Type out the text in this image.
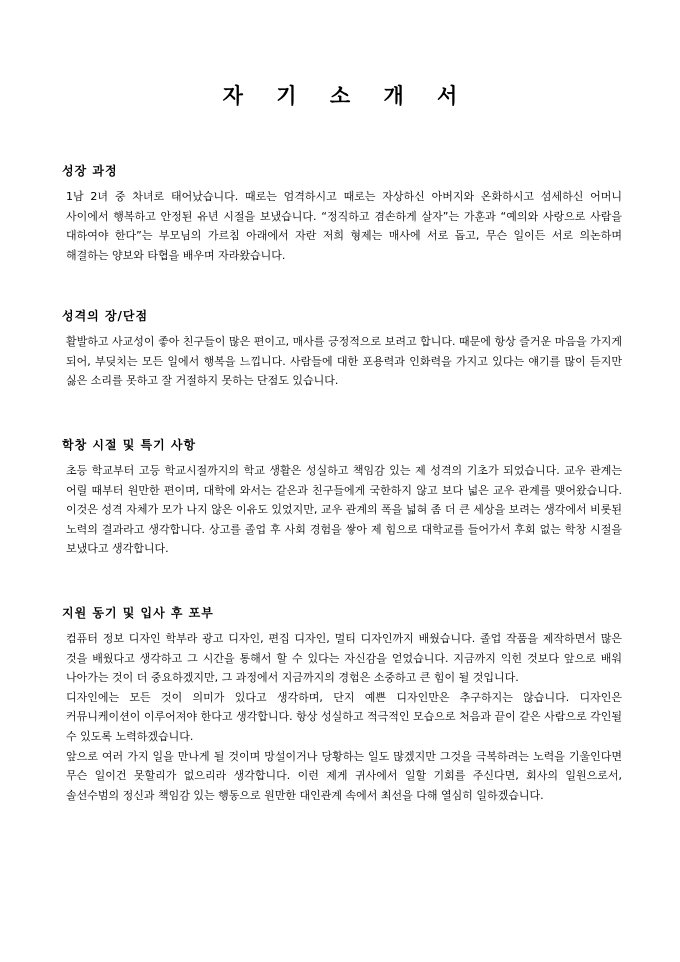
자 기 소 개 서
성장 과정

1남 2녀 중 차녀로 태어났습니다. 때로는 엄격하시고 때로는 자상하신 아버지와 온화하시고 섬세하신 어머니 사이에서 행복하고 안정된 유년 시절을 보냈습니다. “정직하고 겸손하게 살자”는 가훈과 “예의와 사랑으로 사람을 대하여야 한다”는 부모님의 가르침 아래에서 자란 저희 형제는 매사에 서로 돕고, 무슨 일이든 서로 의논하며 해결하는 양보와 타협을 배우며 자라왔습니다.

성격의 장/단점

활발하고 사교성이 좋아 친구들이 많은 편이고, 매사를 긍정적으로 보려고 합니다. 때문에 항상 즐거운 마음을 가지게 되어, 부딪치는 모든 일에서 행복을 느낍니다. 사람들에 대한 포용력과 인화력을 가지고 있다는 얘기를 많이 듣지만 싫은 소리를 못하고 잘 거절하지 못하는 단점도 있습니다.

학창 시절 및 특기 사항

초등 학교부터 고등 학교시절까지의 학교 생활은 성실하고 책임감 있는 제 성격의 기초가 되었습니다. 교우 관계는 어릴 때부터 원만한 편이며, 대학에 와서는 같은과 친구들에게 국한하지 않고 보다 넓은 교우 관계를 맺어왔습니다. 이것은 성격 자체가 모가 나지 않은 이유도 있었지만, 교우 관계의 폭을 넓혀 좀 더 큰 세상을 보려는 생각에서 비롯된 노력의 결과라고 생각합니다. 상고를 졸업 후 사회 경험을 쌓아 제 힘으로 대학교를 들어가서 후회 없는 학창 시절을 보냈다고 생각합니다.

지원 동기 및 입사 후 포부

컴퓨터 정보 디자인 학부라 광고 디자인, 편집 디자인, 멀티 디자인까지 배웠습니다. 졸업 작품을 제작하면서 많은 것을 배웠다고 생각하고 그 시간을 통해서 할 수 있다는 자신감을 얻었습니다. 지금까지 익힌 것보다 앞으로 배워 나아가는 것이 더 중요하겠지만, 그 과정에서 지금까지의 경험은 소중하고 큰 힘이 될 것입니다.

디자인에는 모든 것이 의미가 있다고 생각하며, 단지 예쁜 디자인만은 추구하지는 않습니다. 디자인은 커뮤니케이션이 이루어져야 한다고 생각합니다. 항상 성실하고 적극적인 모습으로 처음과 끝이 같은 사람으로 각인될 수 있도록 노력하겠습니다.

앞으로 여러 가지 일을 만나게 될 것이며 망설이거나 당황하는 일도 많겠지만 그것을 극복하려는 노력을 기울인다면 무슨 일이건 못할리가 없으리라 생각합니다. 이런 제게 귀사에서 일할 기회를 주신다면, 회사의 일원으로서, 솔선수범의 정신과 책임감 있는 행동으로 원만한 대인관계 속에서 최선을 다해 열심히 일하겠습니다.
